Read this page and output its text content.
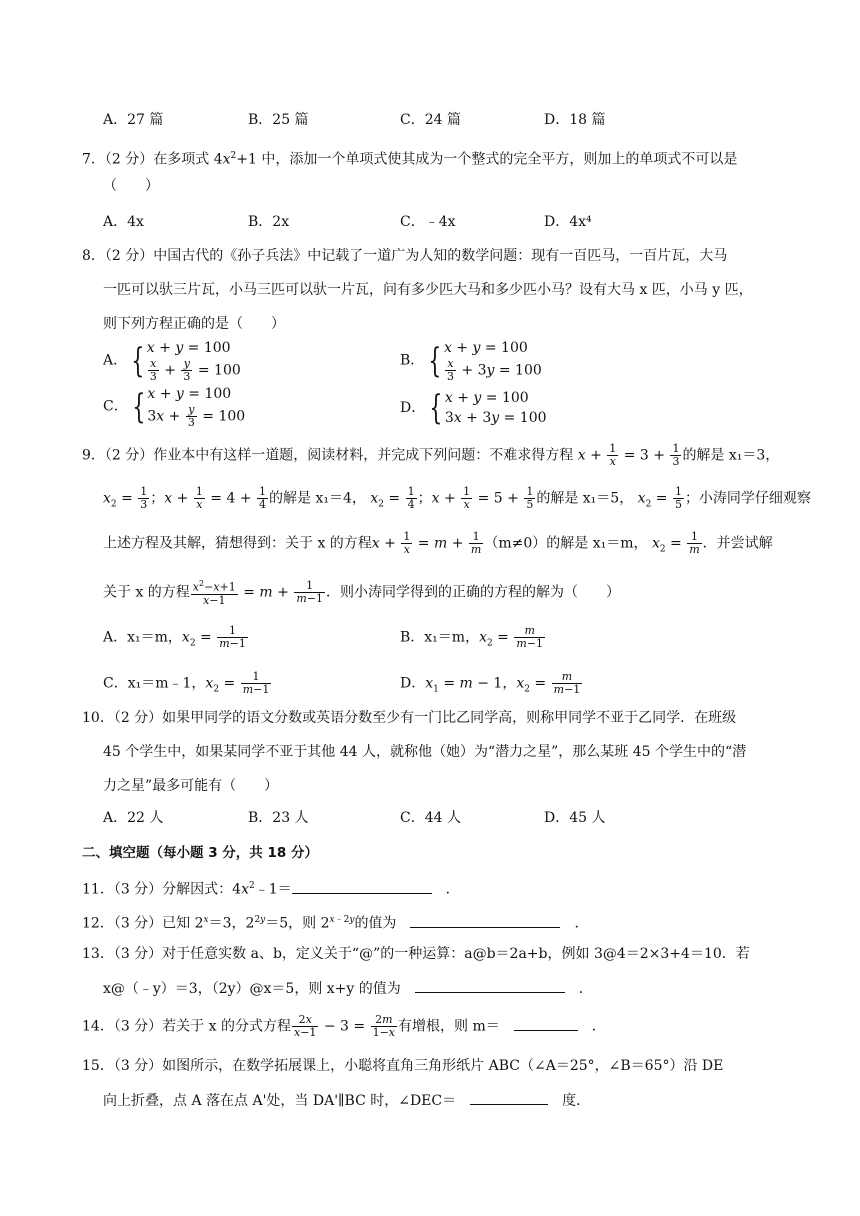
A．27 篇	B．25 篇	C．24 篇	D．18 篇
7．（2 分）在多项式 $4x^2+1$ 中，添加一个单项式使其成为一个整式的完全平方，则加上的单项式不可以是
（　　）
A．4x	B．2x	C．﹣4x	D．4x⁴
8．（2 分）中国古代的《孙子兵法》中记载了一道广为人知的数学问题：现有一百匹马，一百片瓦，大马
一匹可以驮三片瓦，小马三匹可以驮一片瓦，问有多少匹大马和多少匹小马？设有大马 x 匹，小马 y 匹，
则下列方程正确的是（　　）
A． { x + y = 100

$\frac{x}{3} + \frac{y}{3} = 100$
B． { x + y = 100

$\frac{x}{3} + 3y = 100$
C． { x + y = 100
$3x + \frac{y}{3} = 100$
D． { x + y = 100
3x + 3y = 100
9．（2 分）作业本中有这样一道题，阅读材料，并完成下列问题：不难求得方程 $x + \frac{1}{x} = 3 + \frac{1}{3}$ 的解是 x₁＝3，
$x_2 = \frac{1}{3}$ ；$x + \frac{1}{x} = 4 + \frac{1}{4}$ 的解是 x₁＝4， $x_2 = \frac{1}{4}$ ；$x + \frac{1}{x} = 5 + \frac{1}{5}$ 的解是 x₁＝5， $x_2 = \frac{1}{5}$ ；小涛同学仔细观察
上述方程及其解，猜想得到：关于 x 的方程$x + \frac{1}{x} = m + \frac{1}{m} (m\ne 0)$的解是 x₁＝m， $x_2 = \frac{1}{m}$ ．并尝试解
关于 x 的方程 $\frac{x^2-x+1}{x-1} = m + \frac{1}{m-1}$ ．则小涛同学得到的正确的方程的解为（　　）
A．x₁＝m，$x_2 = \frac{1}{m-1}$	B．x₁＝m，$x_2 = \frac{m}{m-1}$
C．x₁＝m﹣1，$x_2 = \frac{1}{m-1}$	D．$x_1 = m - 1$，$x_2 = \frac{m}{m-1}$
10．（2 分）如果甲同学的语文分数或英语分数至少有一门比乙同学高，则称甲同学不亚于乙同学．在班级
45 个学生中，如果某同学不亚于其他 44 人，就称他（她）为“潜力之星”，那么某班 45 个学生中的“潜
力之星”最多可能有（　　）
A．22 人	B．23 人	C．44 人	D．45 人
二、填空题（每小题 3 分，共 18 分）
11．（3 分）分解因式：$4x^2﹣1=$　	．
12．（3 分）已知 $2^x=3$，$2^{2y}=5$，则 $2^{x﹣2y}$的值为　　	．
13．（3 分）对于任意实数 a、b，定义关于“@”的一种运算：a@b＝2a+b，例如 3@4＝2×3+4＝10．若
x@（﹣y）＝3，（2y）@x＝5，则 x+y 的值为　　	．
14．（3 分）若关于 x 的分式方程 $\frac{2x}{x-1} - 3 = \frac{2m}{1-x}$ 有增根，则 m＝　　	．
15．（3 分）如图所示，在数学拓展课上，小聪将直角三角形纸片 ABC（∠A＝25°，∠B＝65°）沿 DE
向上折叠，点 A 落在点 A'处，当 DA'∥BC 时，∠DEC＝　　	度．
